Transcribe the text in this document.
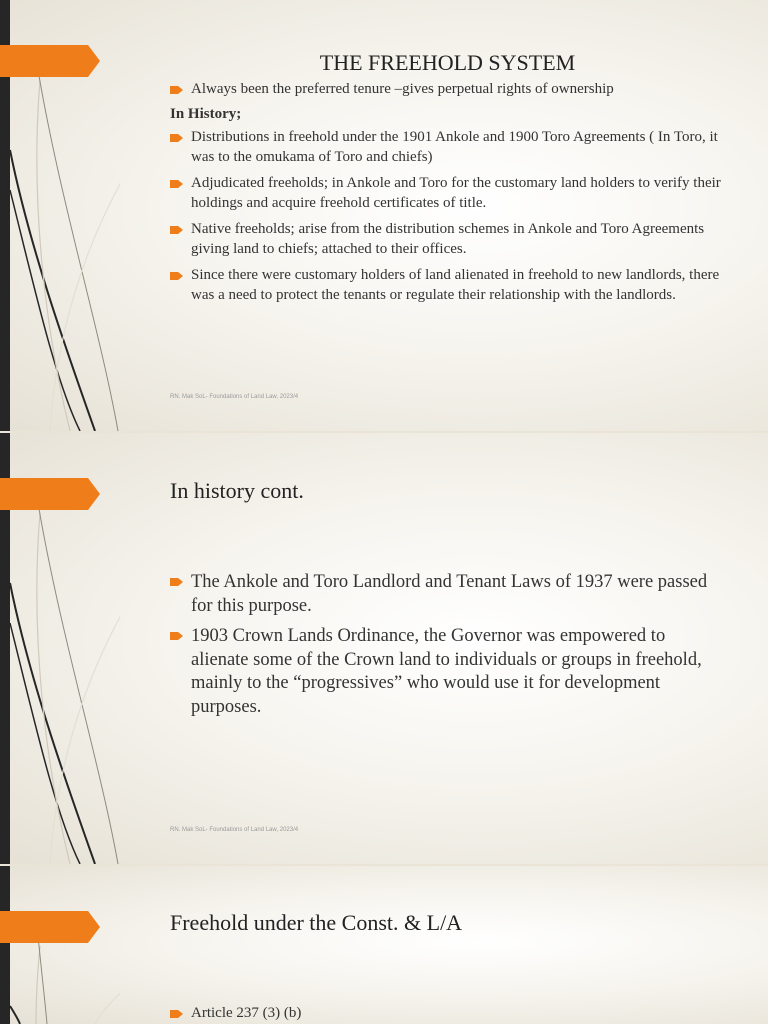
THE FREEHOLD SYSTEM
Always been the preferred tenure –gives perpetual rights of ownership
In History;
Distributions in freehold under the 1901 Ankole and 1900 Toro Agreements ( In Toro, it was to the omukama of Toro and chiefs)
Adjudicated freeholds; in Ankole and Toro for the customary land holders to verify their holdings and acquire freehold certificates of title.
Native freeholds; arise from the distribution schemes in Ankole and Toro Agreements giving land to chiefs; attached to their offices.
Since there were customary holders of land alienated in freehold to new landlords, there was a need to protect the tenants or regulate their relationship with the landlords.
RN. Mak SoL- Foundations of Land Law, 2023/4
In history cont.
The Ankole and Toro Landlord and Tenant Laws of 1937 were passed for this purpose.
1903 Crown Lands Ordinance, the Governor was empowered to alienate some of the Crown land to individuals or groups in freehold, mainly to the “progressives” who would use it for development purposes.
RN. Mak SoL- Foundations of Land Law, 2023/4
Freehold under the Const. & L/A
Article 237 (3) (b)
